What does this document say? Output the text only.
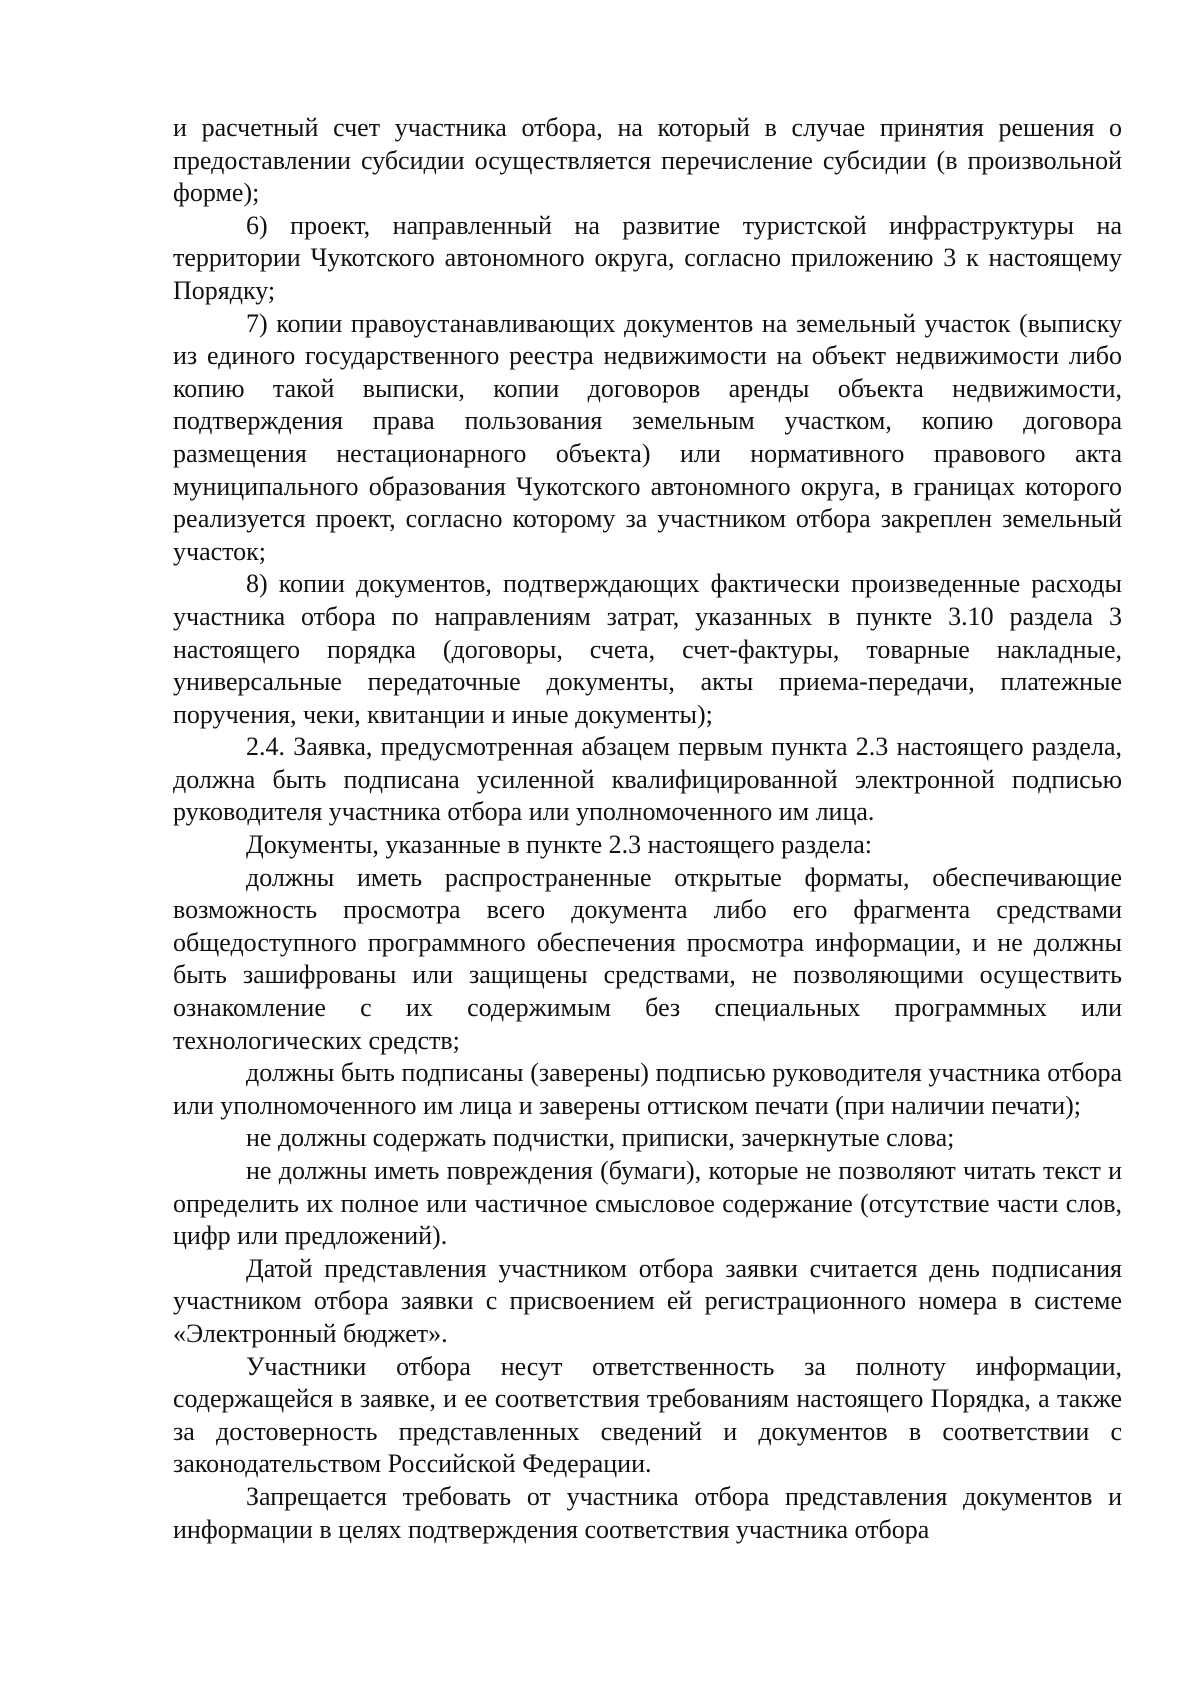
и расчетный счет участника отбора, на который в случае принятия решения о предоставлении субсидии осуществляется перечисление субсидии (в произвольной форме);

6) проект, направленный на развитие туристской инфраструктуры на территории Чукотского автономного округа, согласно приложению 3 к настоящему Порядку;

7) копии правоустанавливающих документов на земельный участок (выписку из единого государственного реестра недвижимости на объект недвижимости либо копию такой выписки, копии договоров аренды объекта недвижимости, подтверждения права пользования земельным участком, копию договора размещения нестационарного объекта) или нормативного правового акта муниципального образования Чукотского автономного округа, в границах которого реализуется проект, согласно которому за участником отбора закреплен земельный участок;

8) копии документов, подтверждающих фактически произведенные расходы участника отбора по направлениям затрат, указанных в пункте 3.10 раздела 3 настоящего порядка (договоры, счета, счет-фактуры, товарные накладные, универсальные передаточные документы, акты приема-передачи, платежные поручения, чеки, квитанции и иные документы);

2.4. Заявка, предусмотренная абзацем первым пункта 2.3 настоящего раздела, должна быть подписана усиленной квалифицированной электронной подписью руководителя участника отбора или уполномоченного им лица.

Документы, указанные в пункте 2.3 настоящего раздела:

должны иметь распространенные открытые форматы, обеспечивающие возможность просмотра всего документа либо его фрагмента средствами общедоступного программного обеспечения просмотра информации, и не должны быть зашифрованы или защищены средствами, не позволяющими осуществить ознакомление с их содержимым без специальных программных или технологических средств;

должны быть подписаны (заверены) подписью руководителя участника отбора или уполномоченного им лица и заверены оттиском печати (при наличии печати);

не должны содержать подчистки, приписки, зачеркнутые слова;

не должны иметь повреждения (бумаги), которые не позволяют читать текст и определить их полное или частичное смысловое содержание (отсутствие части слов, цифр или предложений).

Датой представления участником отбора заявки считается день подписания участником отбора заявки с присвоением ей регистрационного номера в системе «Электронный бюджет».

Участники отбора несут ответственность за полноту информации, содержащейся в заявке, и ее соответствия требованиям настоящего Порядка, а также за достоверность представленных сведений и документов в соответствии с законодательством Российской Федерации.

Запрещается требовать от участника отбора представления документов и информации в целях подтверждения соответствия участника отбора
